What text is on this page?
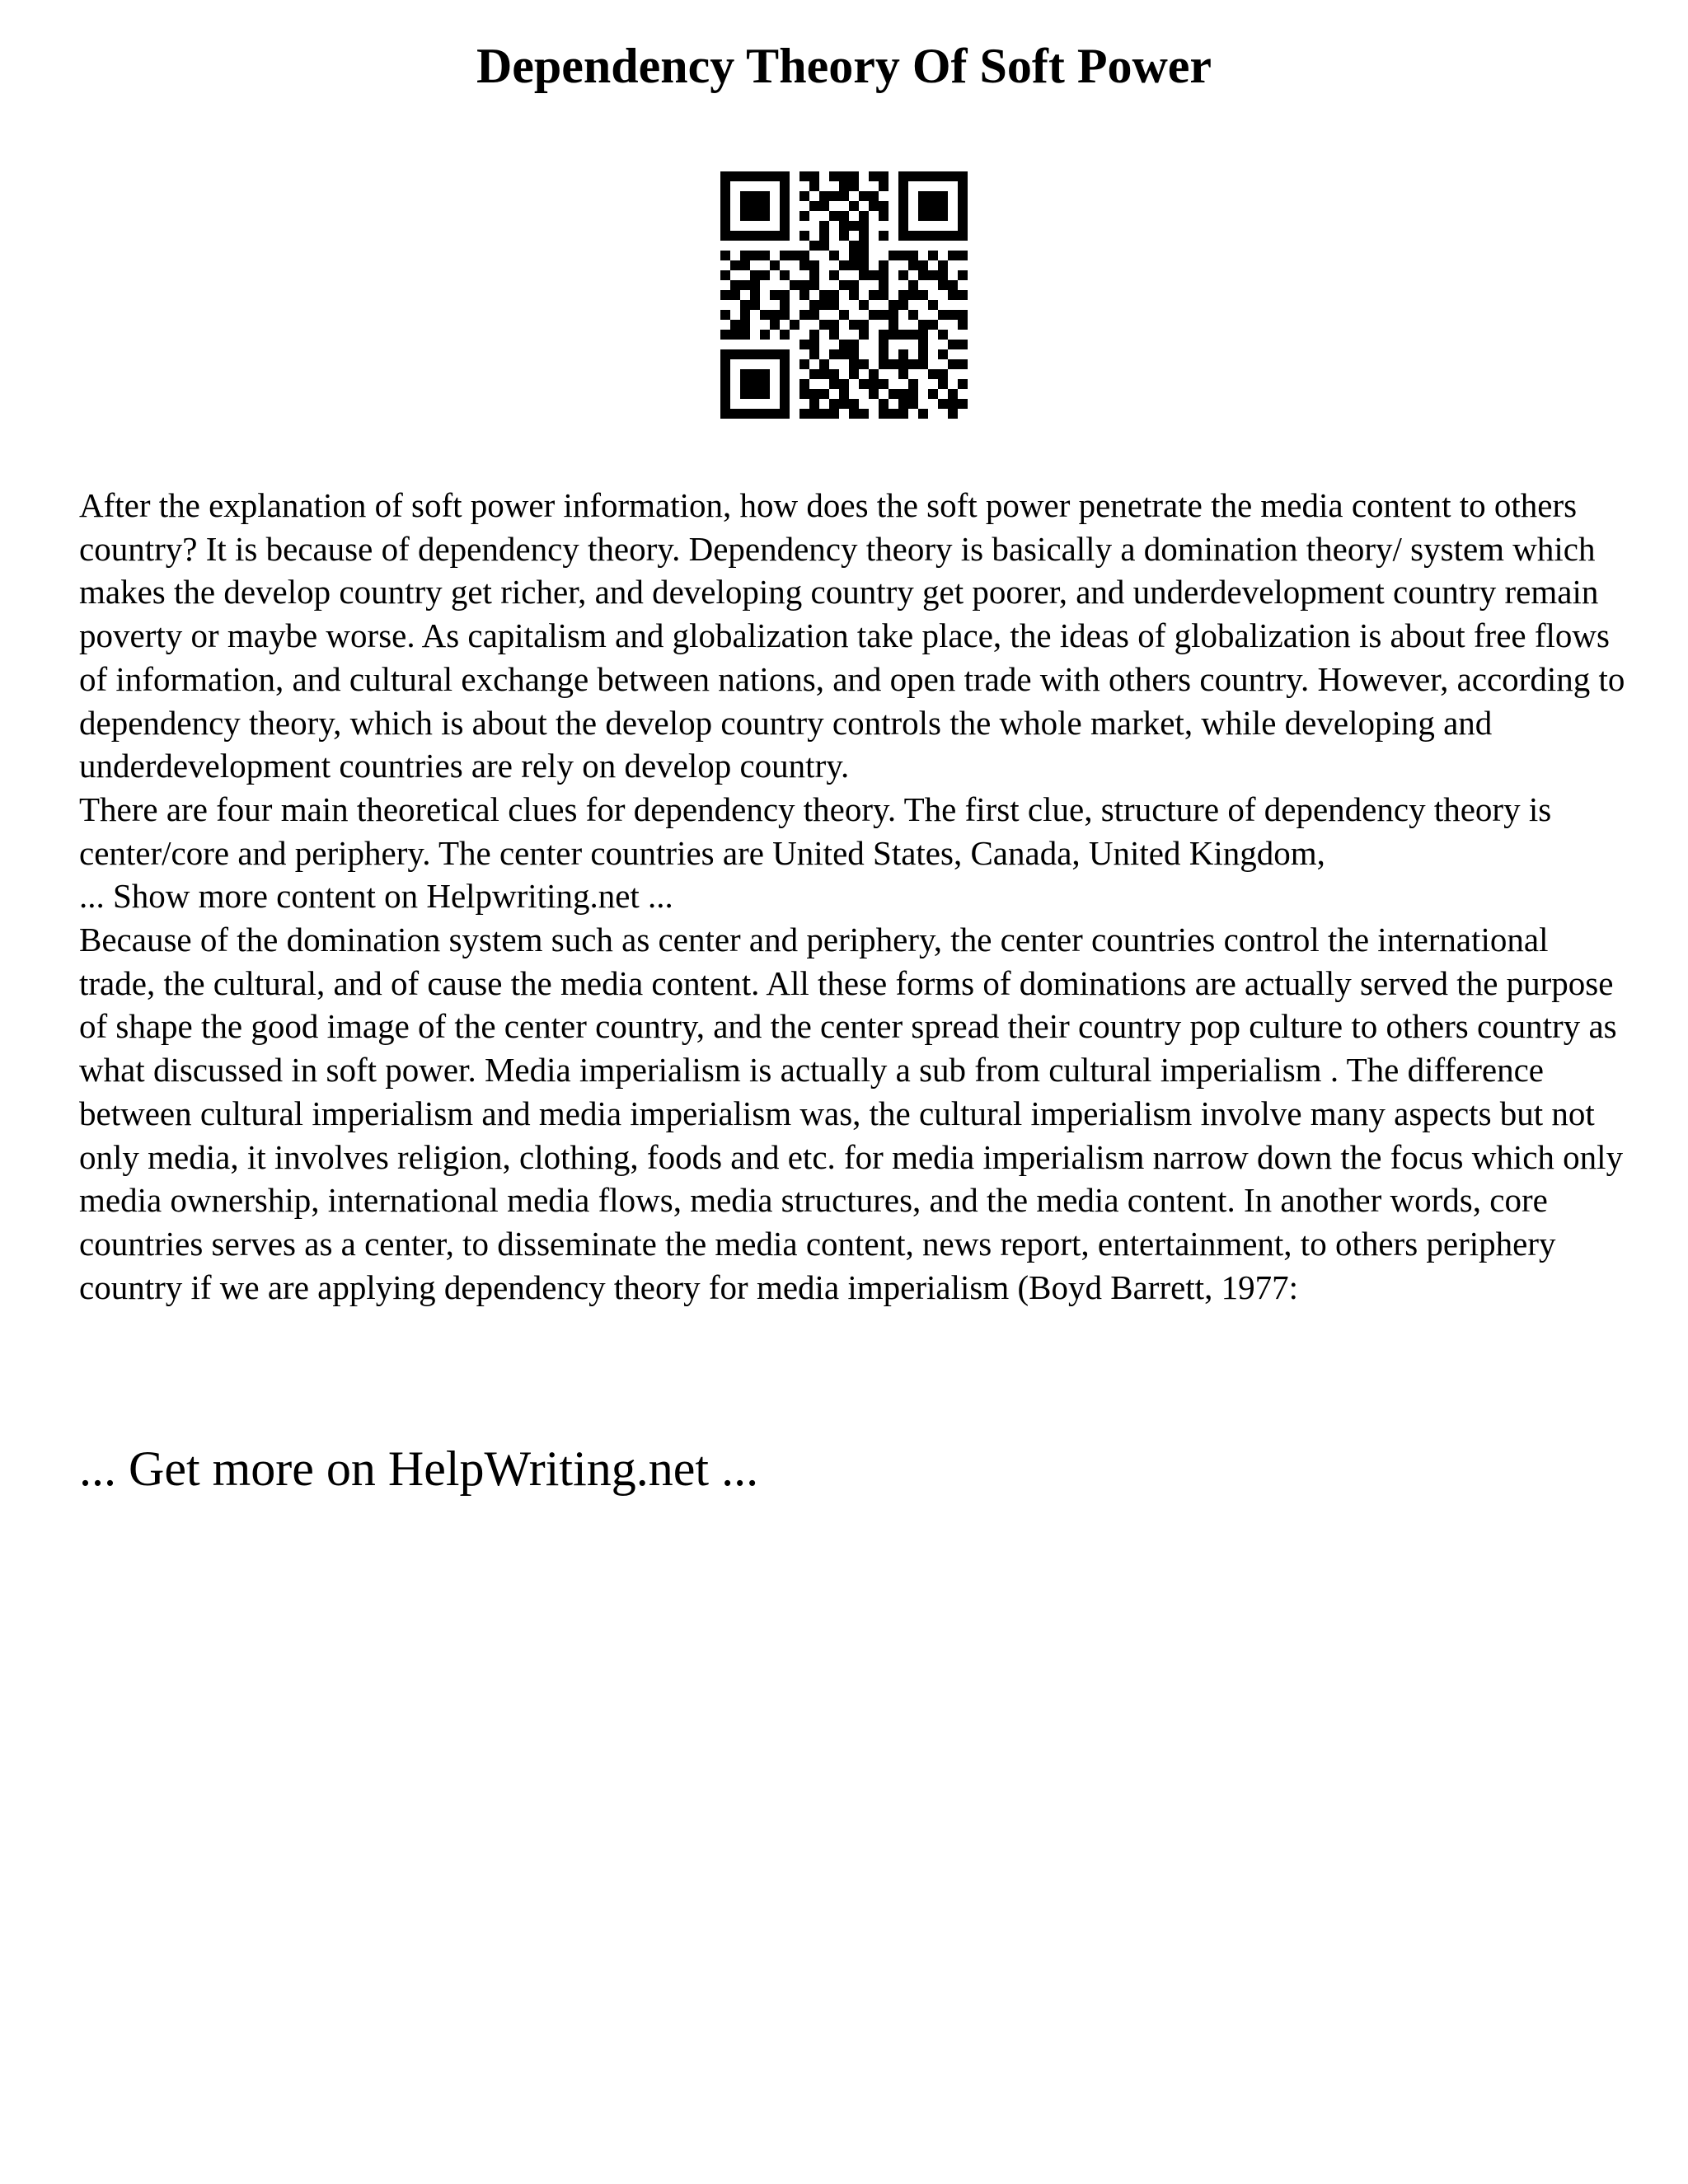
Dependency Theory Of Soft Power

After the explanation of soft power information, how does the soft power penetrate the media content to others country? It is because of dependency theory. Dependency theory is basically a domination theory/ system which makes the develop country get richer, and developing country get poorer, and underdevelopment country remain poverty or maybe worse. As capitalism and globalization take place, the ideas of globalization is about free flows of information, and cultural exchange between nations, and open trade with others country. However, according to dependency theory, which is about the develop country controls the whole market, while developing and underdevelopment countries are rely on develop country.

There are four main theoretical clues for dependency theory. The first clue, structure of dependency theory is center/core and periphery. The center countries are United States, Canada, United Kingdom,

... Show more content on Helpwriting.net ...

Because of the domination system such as center and periphery, the center countries control the international trade, the cultural, and of cause the media content. All these forms of dominations are actually served the purpose of shape the good image of the center country, and the center spread their country pop culture to others country as what discussed in soft power. Media imperialism is actually a sub from cultural imperialism . The difference between cultural imperialism and media imperialism was, the cultural imperialism involve many aspects but not only media, it involves religion, clothing, foods and etc. for media imperialism narrow down the focus which only media ownership, international media flows, media structures, and the media content. In another words, core countries serves as a center, to disseminate the media content, news report, entertainment, to others periphery country if we are applying dependency theory for media imperialism (Boyd Barrett, 1977:

... Get more on HelpWriting.net ...
